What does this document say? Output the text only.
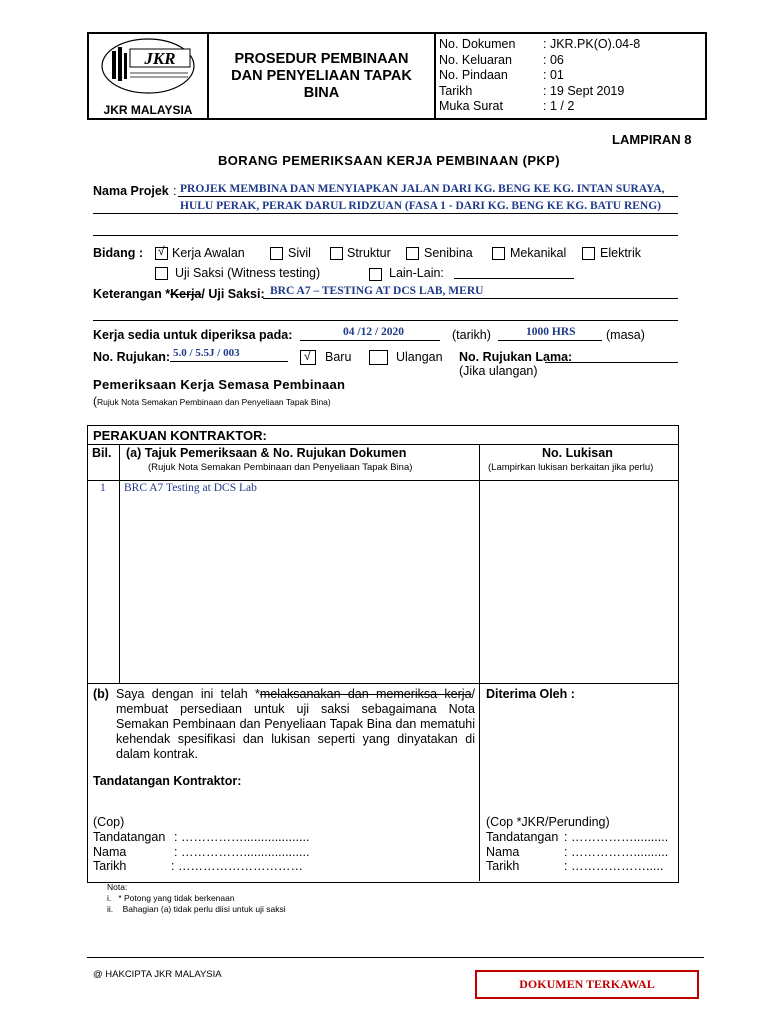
JKR
JKR MALAYSIA

PROSEDUR PEMBINAAN
DAN PENYELIAAN TAPAK
BINA

No. Dokumen	: JKR.PK(O).04-8
No. Keluaran	: 06
No. Pindaan	: 01
Tarikh	: 19 Sept 2019
Muka Surat	: 1 / 2
LAMPIRAN 8
BORANG PEMERIKSAAN KERJA PEMBINAAN (PKP)
Nama Projek : PROJEK MEMBINA DAN MENYIAPKAN JALAN DARI KG. BENG KE KG. INTAN SURAYA,
HULU PERAK, PERAK DARUL RIDZUAN (FASA 1 - DARI KG. BENG KE KG. BATU RENG)
Bidang : √ Kerja Awalan	Sivil	Struktur	Senibina	Mekanikal	Elektrik
Uji Saksi (Witness testing)	Lain-Lain:
Keterangan *Kerja/ Uji Saksi: BRC A7 – TESTING AT DCS LAB, MERU
Kerja sedia untuk diperiksa pada:	04 /12 / 2020	(tarikh)	1000 HRS (masa)
No. Rujukan: 5.0 / 5.5J / 003	√ Baru	Ulangan No. Rujukan Lama:
(Jika ulangan)
Pemeriksaan Kerja Semasa Pembinaan
(Rujuk Nota Semakan Pembinaan dan Penyeliaan Tapak Bina)
PERAKUAN KONTRAKTOR:
Bil. (a) Tajuk Pemeriksaan & No. Rujukan Dokumen
(Rujuk Nota Semakan Pembinaan dan Penyeliaan Tapak Bina)
No. Lukisan
(Lampirkan lukisan berkaitan jika perlu)
1 BRC A7 Testing at DCS Lab
(b) Saya dengan ini telah *melaksanakan dan memeriksa kerja/ membuat persediaan untuk uji saksi sebagaimana Nota Semakan Pembinaan dan Penyeliaan Tapak Bina dan mematuhi kehendak spesifikasi dan lukisan seperti yang dinyatakan di dalam kontrak.
Tandatangan Kontraktor:
(Cop)
Tandatangan : ……………...................
Nama	: ……………...................
Tarikh	: …………………………
Diterima Oleh :
(Cop *JKR/Perunding)
Tandatangan : ……………..........
Nama	: ……………..........
Tarikh	: ……………….....
Nota:
i.   * Potong yang tidak berkenaan
ii.    Bahagian (a) tidak perlu diisi untuk uji saksi
@ HAKCIPTA JKR MALAYSIA
DOKUMEN TERKAWAL
